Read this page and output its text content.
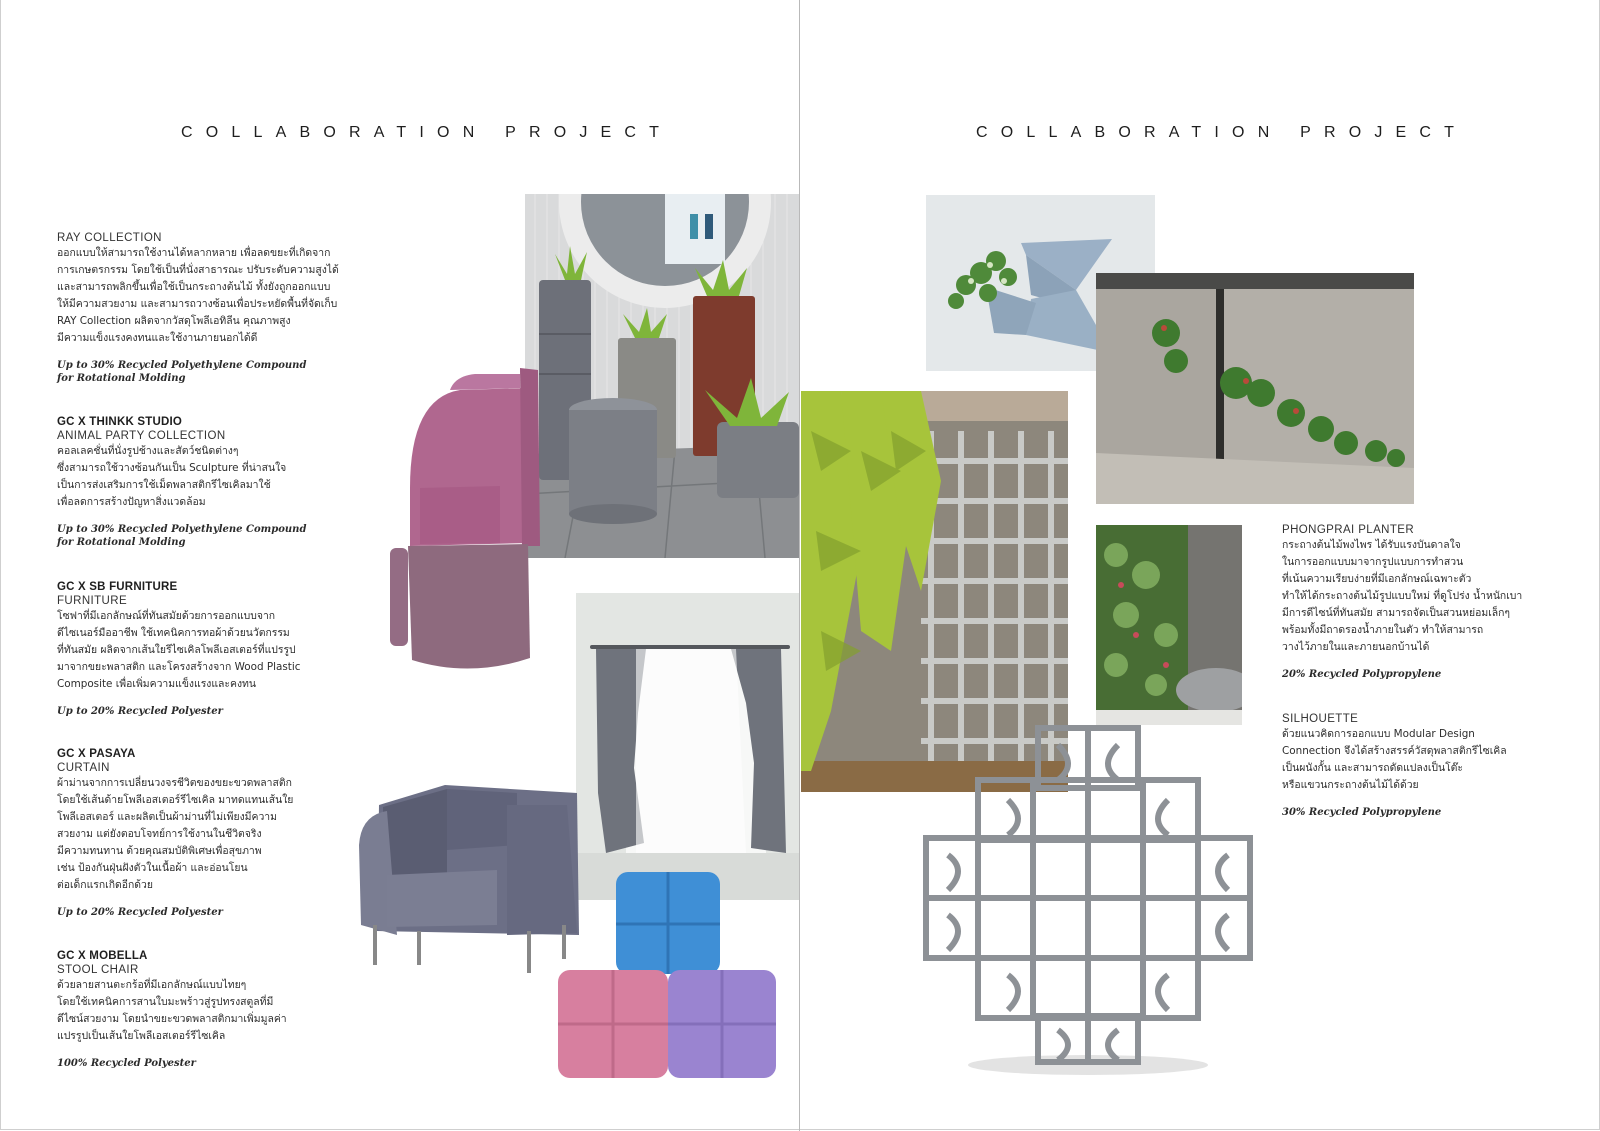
COLLABORATION PROJECT	COLLABORATION PROJECT
RAY COLLECTION
ออกแบบให้สามารถใช้งานได้หลากหลาย เพื่อลดขยะที่เกิดจาก
การเกษตรกรรม โดยใช้เป็นที่นั่งสาธารณะ ปรับระดับความสูงได้
และสามารถพลิกขึ้นเพื่อใช้เป็นกระถางต้นไม้ ทั้งยังถูกออกแบบ
ให้มีความสวยงาม และสามารถวางซ้อนเพื่อประหยัดพื้นที่จัดเก็บ
RAY Collection ผลิตจากวัสดุโพลีเอทิลีน คุณภาพสูง
มีความแข็งแรงคงทนและใช้งานภายนอกได้ดี
Up to 30% Recycled Polyethylene Compound
for Rotational Molding
GC X THINKK STUDIO
ANIMAL PARTY COLLECTION
คอลเลคชั่นที่นั่งรูปช้างและสัตว์ชนิดต่างๆ
ซึ่งสามารถใช้วางซ้อนกันเป็น Sculpture ที่น่าสนใจ
เป็นการส่งเสริมการใช้เม็ดพลาสติกรีไซเคิลมาใช้
เพื่อลดการสร้างปัญหาสิ่งแวดล้อม
Up to 30% Recycled Polyethylene Compound
for Rotational Molding
GC X SB FURNITURE
FURNITURE
โซฟาที่มีเอกลักษณ์ที่ทันสมัยด้วยการออกแบบจาก
ดีไซเนอร์มืออาชีพ ใช้เทคนิคการทอผ้าด้วยนวัตกรรม
ที่ทันสมัย ผลิตจากเส้นใยรีไซเคิลโพลีเอสเตอร์ที่แปรรูป
มาจากขยะพลาสติก และโครงสร้างจาก Wood Plastic
Composite เพื่อเพิ่มความแข็งแรงและคงทน
Up to 20% Recycled Polyester
GC X PASAYA
CURTAIN
ผ้าม่านจากการเปลี่ยนวงจรชีวิตของขยะขวดพลาสติก
โดยใช้เส้นด้ายโพลีเอสเตอร์รีไซเคิล มาทดแทนเส้นใย
โพลีเอสเตอร์ และผลิตเป็นผ้าม่านที่ไม่เพียงมีความ
สวยงาม แต่ยังตอบโจทย์การใช้งานในชีวิตจริง
มีความทนทาน ด้วยคุณสมบัติพิเศษเพื่อสุขภาพ
เช่น ป้องกันฝุ่นฝังตัวในเนื้อผ้า และอ่อนโยน
ต่อเด็กแรกเกิดอีกด้วย
Up to 20% Recycled Polyester
GC X MOBELLA
STOOL CHAIR
ด้วยลายสานตะกร้อที่มีเอกลักษณ์แบบไทยๆ
โดยใช้เทคนิคการสานใบมะพร้าวสู่รูปทรงสตูลที่มี
ดีไซน์สวยงาม โดยนำขยะขวดพลาสติกมาเพิ่มมูลค่า
แปรรูปเป็นเส้นใยโพลีเอสเตอร์รีไซเคิล
100% Recycled Polyester
PHONGPRAI PLANTER
กระถางต้นไม้พงไพร ได้รับแรงบันดาลใจ
ในการออกแบบมาจากรูปแบบการทำสวน
ที่เน้นความเรียบง่ายที่มีเอกลักษณ์เฉพาะตัว
ทำให้ได้กระถางต้นไม้รูปแบบใหม่ ที่ดูโปร่ง น้ำหนักเบา
มีการดีไซน์ที่ทันสมัย สามารถจัดเป็นสวนหย่อมเล็กๆ
พร้อมทั้งมีถาดรองน้ำภายในตัว ทำให้สามารถ
วางไว้ภายในและภายนอกบ้านได้
20% Recycled Polypropylene
SILHOUETTE
ด้วยแนวคิดการออกแบบ Modular Design
Connection จึงได้สร้างสรรค์วัสดุพลาสติกรีไซเคิล
เป็นผนังกั้น และสามารถดัดแปลงเป็นโต๊ะ
หรือแขวนกระถางต้นไม้ได้ด้วย
30% Recycled Polypropylene
